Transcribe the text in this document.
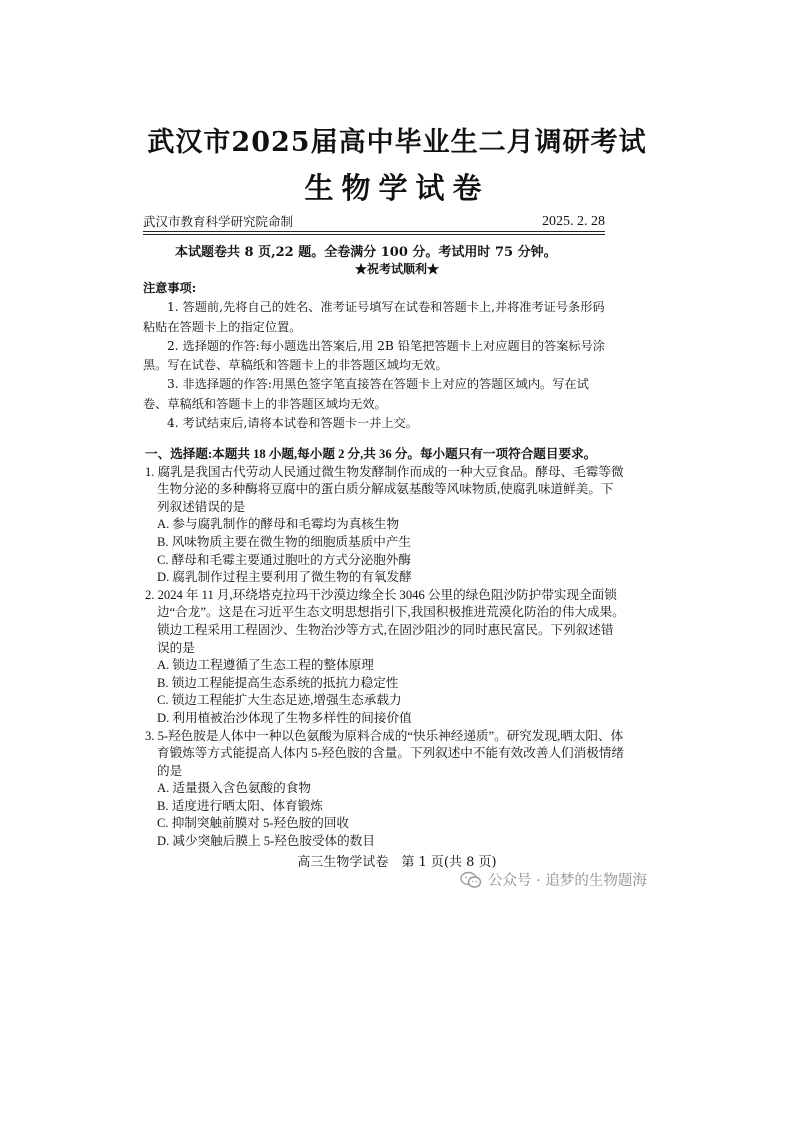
武汉市2025届高中毕业生二月调研考试
生物学试卷
武汉市教育科学研究院命制	2025. 2. 28
本试题卷共 8 页,22 题。全卷满分 100 分。考试用时 75 分钟。
★祝考试顺利★
注意事项:

1. 答题前,先将自己的姓名、准考证号填写在试卷和答题卡上,并将准考证号条形码粘贴在答题卡上的指定位置。

2. 选择题的作答:每小题选出答案后,用 2B 铅笔把答题卡上对应题目的答案标号涂黑。写在试卷、草稿纸和答题卡上的非答题区域均无效。

3. 非选择题的作答:用黑色签字笔直接答在答题卡上对应的答题区域内。写在试卷、草稿纸和答题卡上的非答题区域均无效。

4. 考试结束后,请将本试卷和答题卡一并上交。

一、选择题:本题共 18 小题,每小题 2 分,共 36 分。每小题只有一项符合题目要求。
1. 腐乳是我国古代劳动人民通过微生物发酵制作而成的一种大豆食品。酵母、毛霉等微生物分泌的多种酶将豆腐中的蛋白质分解成氨基酸等风味物质,使腐乳味道鲜美。下列叙述错误的是
A. 参与腐乳制作的酵母和毛霉均为真核生物
B. 风味物质主要在微生物的细胞质基质中产生
C. 酵母和毛霉主要通过胞吐的方式分泌胞外酶
D. 腐乳制作过程主要利用了微生物的有氧发酵
2. 2024 年 11 月,环绕塔克拉玛干沙漠边缘全长 3046 公里的绿色阻沙防护带实现全面锁边“合龙”。这是在习近平生态文明思想指引下,我国积极推进荒漠化防治的伟大成果。锁边工程采用工程固沙、生物治沙等方式,在固沙阻沙的同时惠民富民。下列叙述错误的是
A. 锁边工程遵循了生态工程的整体原理
B. 锁边工程能提高生态系统的抵抗力稳定性
C. 锁边工程能扩大生态足迹,增强生态承载力
D. 利用植被治沙体现了生物多样性的间接价值
3. 5-羟色胺是人体中一种以色氨酸为原料合成的“快乐神经递质”。研究发现,晒太阳、体育锻炼等方式能提高人体内 5-羟色胺的含量。下列叙述中不能有效改善人们消极情绪的是
A. 适量摄入含色氨酸的食物
B. 适度进行晒太阳、体育锻炼
C. 抑制突触前膜对 5-羟色胺的回收
D. 减少突触后膜上 5-羟色胺受体的数目
高三生物学试卷　第 1 页(共 8 页)
公众号 · 追梦的生物题海
